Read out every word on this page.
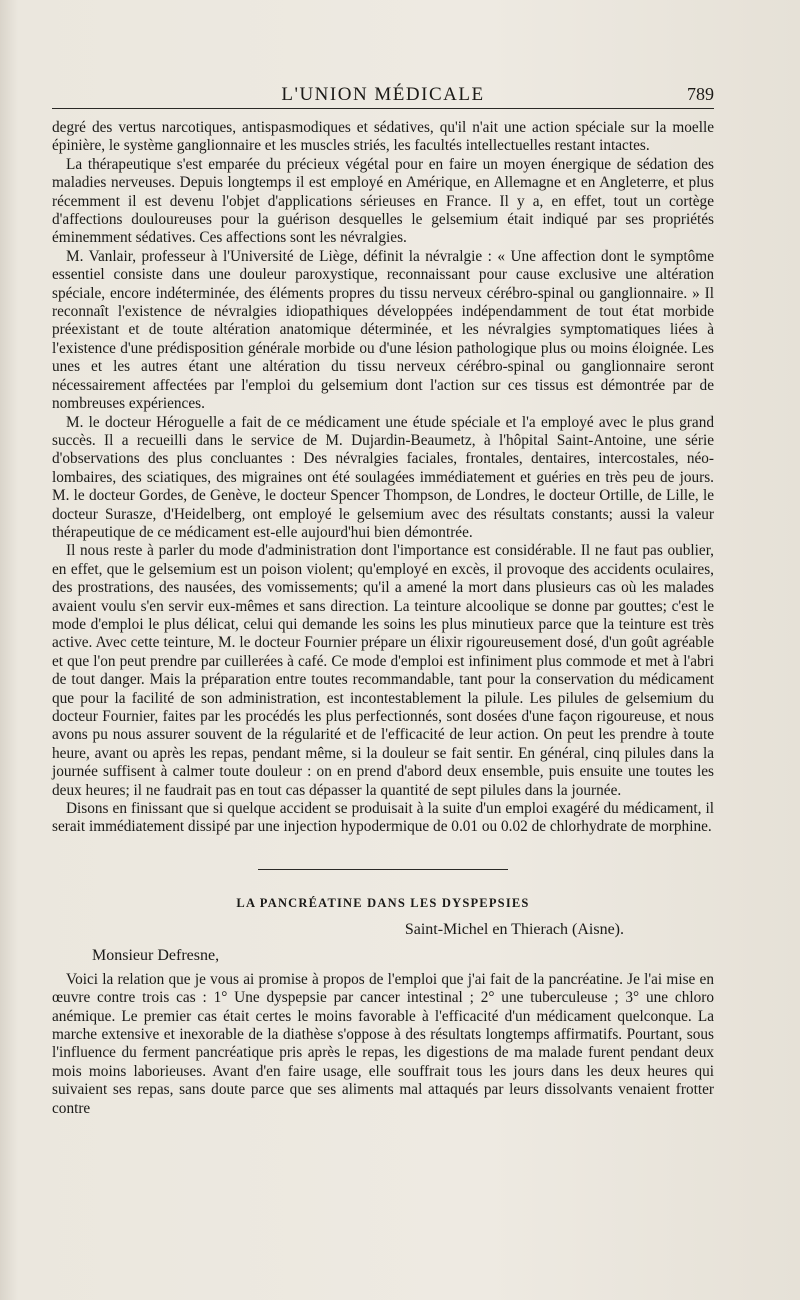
L'UNION MÉDICALE	789

degré des vertus narcotiques, antispasmodiques et sédatives, qu'il n'ait une action spéciale sur la moelle épinière, le système ganglionnaire et les muscles striés, les facultés intellectuelles restant intactes.

La thérapeutique s'est emparée du précieux végétal pour en faire un moyen énergique de sédation des maladies nerveuses. Depuis longtemps il est employé en Amérique, en Allemagne et en Angleterre, et plus récemment il est devenu l'objet d'applications sérieuses en France. Il y a, en effet, tout un cortège d'affections douloureuses pour la guérison desquelles le gelsemium était indiqué par ses propriétés éminemment sédatives. Ces affections sont les névralgies.

M. Vanlair, professeur à l'Université de Liège, définit la névralgie : « Une affection dont le symptôme essentiel consiste dans une douleur paroxystique, reconnaissant pour cause exclusive une altération spéciale, encore indéterminée, des éléments propres du tissu nerveux cérébro-spinal ou ganglionnaire. » Il reconnaît l'existence de névralgies idiopathiques développées indépendamment de tout état morbide préexistant et de toute altération anatomique déterminée, et les névralgies symptomatiques liées à l'existence d'une prédisposition générale morbide ou d'une lésion pathologique plus ou moins éloignée. Les unes et les autres étant une altération du tissu nerveux cérébro-spinal ou ganglionnaire seront nécessairement affectées par l'emploi du gelsemium dont l'action sur ces tissus est démontrée par de nombreuses expériences.

M. le docteur Héroguelle a fait de ce médicament une étude spéciale et l'a employé avec le plus grand succès. Il a recueilli dans le service de M. Dujardin-Beaumetz, à l'hôpital Saint-Antoine, une série d'observations des plus concluantes : Des névralgies faciales, frontales, dentaires, intercostales, néo-lombaires, des sciatiques, des migraines ont été soulagées immédiatement et guéries en très peu de jours. M. le docteur Gordes, de Genève, le docteur Spencer Thompson, de Londres, le docteur Ortille, de Lille, le docteur Surasze, d'Heidelberg, ont employé le gelsemium avec des résultats constants; aussi la valeur thérapeutique de ce médicament est-elle aujourd'hui bien démontrée.

Il nous reste à parler du mode d'administration dont l'importance est considérable. Il ne faut pas oublier, en effet, que le gelsemium est un poison violent; qu'employé en excès, il provoque des accidents oculaires, des prostrations, des nausées, des vomissements; qu'il a amené la mort dans plusieurs cas où les malades avaient voulu s'en servir eux-mêmes et sans direction. La teinture alcoolique se donne par gouttes; c'est le mode d'emploi le plus délicat, celui qui demande les soins les plus minutieux parce que la teinture est très active. Avec cette teinture, M. le docteur Fournier prépare un élixir rigoureusement dosé, d'un goût agréable et que l'on peut prendre par cuillerées à café. Ce mode d'emploi est infiniment plus commode et met à l'abri de tout danger. Mais la préparation entre toutes recommandable, tant pour la conservation du médicament que pour la facilité de son administration, est incontestablement la pilule. Les pilules de gelsemium du docteur Fournier, faites par les procédés les plus perfectionnés, sont dosées d'une façon rigoureuse, et nous avons pu nous assurer souvent de la régularité et de l'efficacité de leur action. On peut les prendre à toute heure, avant ou après les repas, pendant même, si la douleur se fait sentir. En général, cinq pilules dans la journée suffisent à calmer toute douleur : on en prend d'abord deux ensemble, puis ensuite une toutes les deux heures; il ne faudrait pas en tout cas dépasser la quantité de sept pilules dans la journée.

Disons en finissant que si quelque accident se produisait à la suite d'un emploi exagéré du médicament, il serait immédiatement dissipé par une injection hypodermique de 0.01 ou 0.02 de chlorhydrate de morphine.

LA PANCRÉATINE DANS LES DYSPEPSIES
Saint-Michel en Thierach (Aisne).
Monsieur Defresne,

Voici la relation que je vous ai promise à propos de l'emploi que j'ai fait de la pancréatine. Je l'ai mise en œuvre contre trois cas : 1° Une dyspepsie par cancer intestinal ; 2° une tuberculeuse ; 3° une chloro anémique. Le premier cas était certes le moins favorable à l'efficacité d'un médicament quelconque. La marche extensive et inexorable de la diathèse s'oppose à des résultats longtemps affirmatifs. Pourtant, sous l'influence du ferment pancréatique pris après le repas, les digestions de ma malade furent pendant deux mois moins laborieuses. Avant d'en faire usage, elle souffrait tous les jours dans les deux heures qui suivaient ses repas, sans doute parce que ses aliments mal attaqués par leurs dissolvants venaient frotter contre
